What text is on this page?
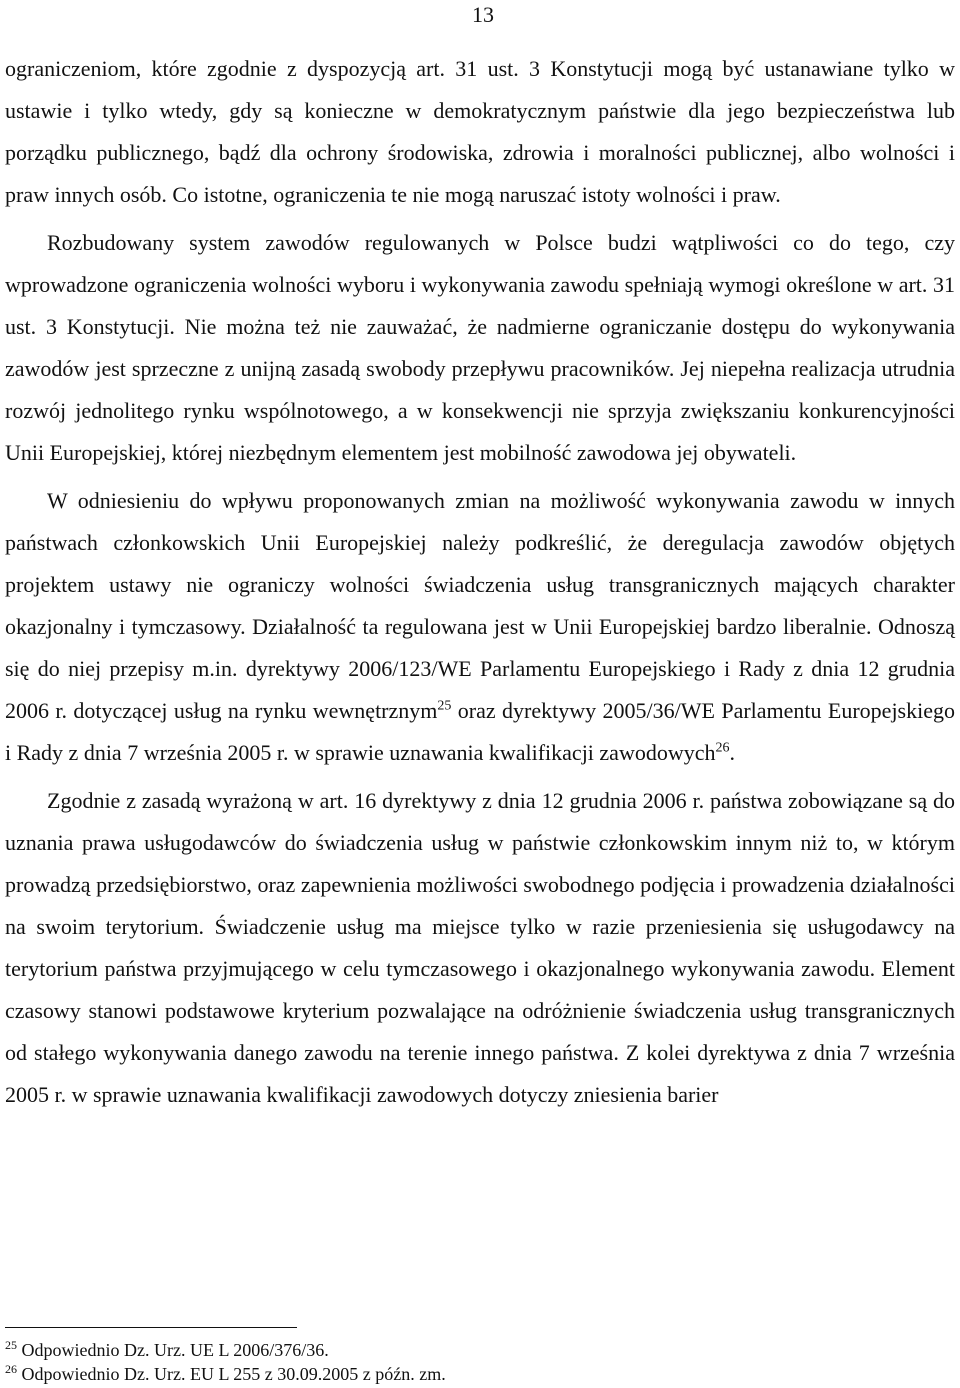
13

ograniczeniom, które zgodnie z dyspozycją art. 31 ust. 3 Konstytucji mogą być ustanawiane tylko w ustawie i tylko wtedy, gdy są konieczne w demokratycznym państwie dla jego bezpieczeństwa lub porządku publicznego, bądź dla ochrony środowiska, zdrowia i moralności publicznej, albo wolności i praw innych osób. Co istotne, ograniczenia te nie mogą naruszać istoty wolności i praw.

Rozbudowany system zawodów regulowanych w Polsce budzi wątpliwości co do tego, czy wprowadzone ograniczenia wolności wyboru i wykonywania zawodu spełniają wymogi określone w art. 31 ust. 3 Konstytucji. Nie można też nie zauważać, że nadmierne ograniczanie dostępu do wykonywania zawodów jest sprzeczne z unijną zasadą swobody przepływu pracowników. Jej niepełna realizacja utrudnia rozwój jednolitego rynku wspólnotowego, a w konsekwencji nie sprzyja zwiększaniu konkurencyjności Unii Europejskiej, której niezbędnym elementem jest mobilność zawodowa jej obywateli.

W odniesieniu do wpływu proponowanych zmian na możliwość wykonywania zawodu w innych państwach członkowskich Unii Europejskiej należy podkreślić, że deregulacja zawodów objętych projektem ustawy nie ograniczy wolności świadczenia usług transgranicznych mających charakter okazjonalny i tymczasowy. Działalność ta regulowana jest w Unii Europejskiej bardzo liberalnie. Odnoszą się do niej przepisy m.in. dyrektywy 2006/123/WE Parlamentu Europejskiego i Rady z dnia 12 grudnia 2006 r. dotyczącej usług na rynku wewnętrznym$^{25}$ oraz dyrektywy 2005/36/WE Parlamentu Europejskiego i Rady z dnia 7 września 2005 r. w sprawie uznawania kwalifikacji zawodowych$^{26}$.

Zgodnie z zasadą wyrażoną w art. 16 dyrektywy z dnia 12 grudnia 2006 r. państwa zobowiązane są do uznania prawa usługodawców do świadczenia usług w państwie członkowskim innym niż to, w którym prowadzą przedsiębiorstwo, oraz zapewnienia możliwości swobodnego podjęcia i prowadzenia działalności na swoim terytorium. Świadczenie usług ma miejsce tylko w razie przeniesienia się usługodawcy na terytorium państwa przyjmującego w celu tymczasowego i okazjonalnego wykonywania zawodu. Element czasowy stanowi podstawowe kryterium pozwalające na odróżnienie świadczenia usług transgranicznych od stałego wykonywania danego zawodu na terenie innego państwa. Z kolei dyrektywa z dnia 7 września 2005 r. w sprawie uznawania kwalifikacji zawodowych dotyczy zniesienia barier

$^{25}$ Odpowiednio Dz. Urz. UE L 2006/376/36.

$^{26}$ Odpowiednio Dz. Urz. EU L 255 z 30.09.2005 z późn. zm.
